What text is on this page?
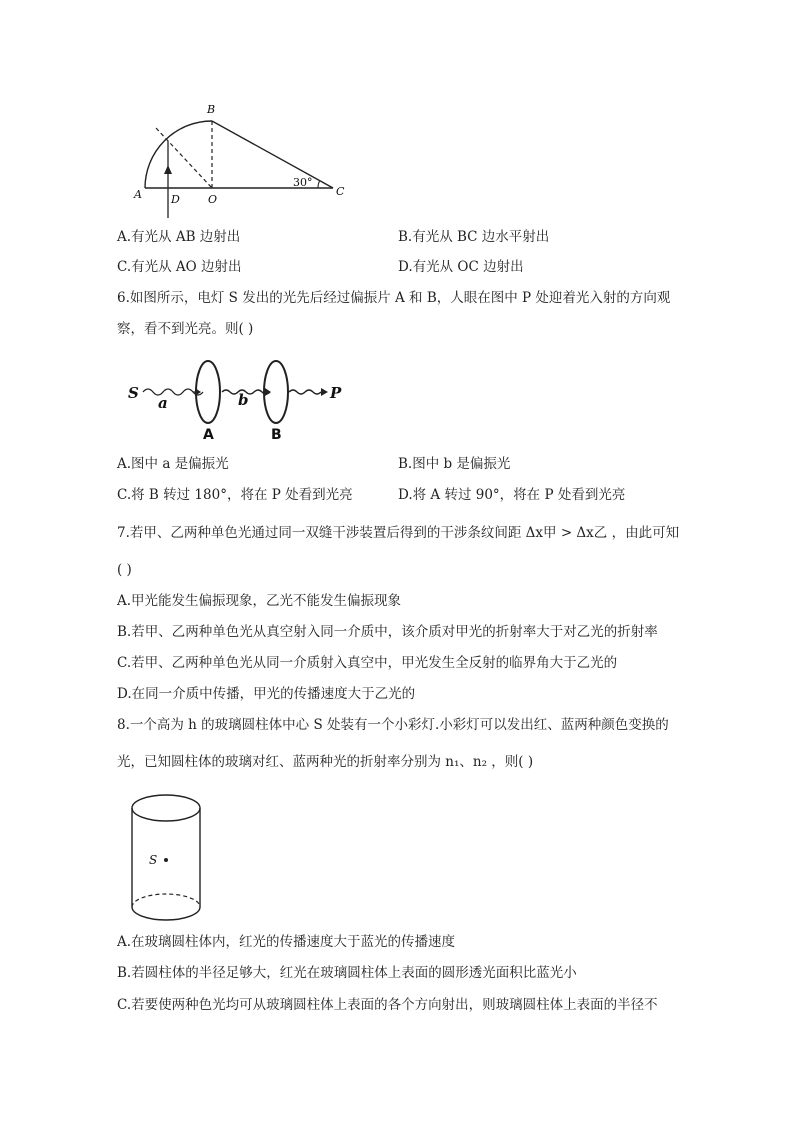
A
B
C
D	O
30°
A.有光从 AB 边射出	B.有光从 BC 边水平射出
C.有光从 AO 边射出	D.有光从 OC 边射出
6.如图所示，电灯 S 发出的光先后经过偏振片 A 和 B，人眼在图中 P 处迎着光入射的方向观
察，看不到光亮。则( )
S
a	b	P
A	B
A.图中 a 是偏振光	B.图中 b 是偏振光
C.将 B 转过 180°，将在 P 处看到光亮	D.将 A 转过 90°，将在 P 处看到光亮
7.若甲、乙两种单色光通过同一双缝干涉装置后得到的干涉条纹间距 Δx甲 > Δx乙 ，由此可知
( )
A.甲光能发生偏振现象，乙光不能发生偏振现象
B.若甲、乙两种单色光从真空射入同一介质中，该介质对甲光的折射率大于对乙光的折射率
C.若甲、乙两种单色光从同一介质射入真空中，甲光发生全反射的临界角大于乙光的
D.在同一介质中传播，甲光的传播速度大于乙光的
8.一个高为 h 的玻璃圆柱体中心 S 处装有一个小彩灯.小彩灯可以发出红、蓝两种颜色变换的
光，已知圆柱体的玻璃对红、蓝两种光的折射率分别为 n₁、n₂ ，则( )
S
A.在玻璃圆柱体内，红光的传播速度大于蓝光的传播速度
B.若圆柱体的半径足够大，红光在玻璃圆柱体上表面的圆形透光面积比蓝光小
C.若要使两种色光均可从玻璃圆柱体上表面的各个方向射出，则玻璃圆柱体上表面的半径不
